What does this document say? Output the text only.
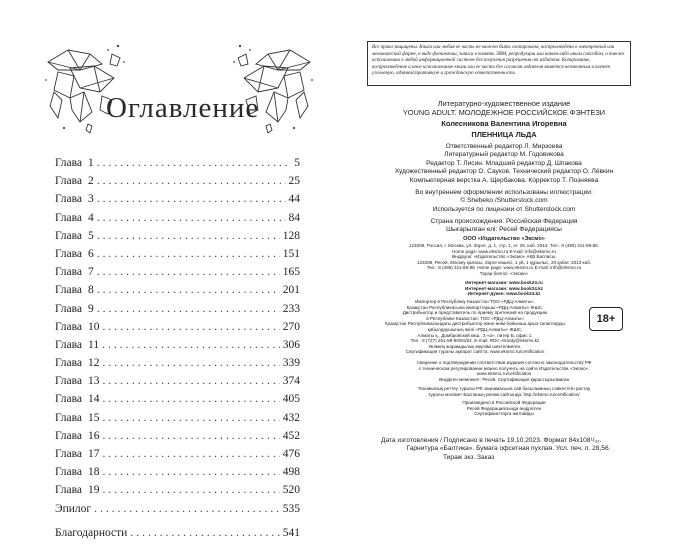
Оглавление
Глава 1 .....	5
Глава 2 .....	25
Глава 3 .....	44
Глава 4 .....	84
Глава 5 .....	128
Глава 6 .....	151
Глава 7 .....	165
Глава 8 .....	201
Глава 9 .....	233
Глава 10 .....	270
Глава 11 .....	306
Глава 12 .....	339
Глава 13 .....	374
Глава 14 .....	405
Глава 15 .....	432
Глава 16 .....	452
Глава 17 .....	476
Глава 18 .....	498
Глава 19 .....	520
Эпилог .....	535
Благодарности .....	541
Все права защищены. Книга или любая ее часть не может быть скопирована, воспроизведена в электронной или механической форме, в виде фотокопии, записи в память ЭВМ, репродукции или каким-либо иным способом, а также использована в любой информационной системе без получения разрешения от издателя. Копирование, воспроизведение и иное использование книги или ее части без согласия издателя является незаконным и влечет уголовную, административную и гражданскую ответственность.
Литературно-художественное издание
YOUNG ADULT. МОЛОДЕЖНОЕ РОССИЙСКОЕ ФЭНТЕЗИ
Колесникова Валентина Игоревна
ПЛЕННИЦА ЛЬДА
Ответственный редактор Л. Мирзоева
Литературный редактор М. Годовикова
Редактор Т. Лисин. Младший редактор Д. Шпакова
Художественный редактор О. Сауков. Технический редактор О. Лёвкин
Компьютерная верстка А. Щербакова. Корректор Т. Позняева
Во внутреннем оформлении использованы иллюстрации:
© Shebeko /Shutterstock.com
Используется по лицензии от Shutterstock.com
Страна происхождения: Российская Федерация
Шығарылған елі: Ресей Федерациясы
ООО «Издательство «Эксмо»
123308, Россия, г. Москва, ул. Зорге, д. 1, стр. 1, эт. 20, каб. 2013. Тел.: 8 (495) 411-68-86.
Home page: www.eksmo.ru E-mail: info@eksmo.ru
Өндіруші: «Издательство «Эксмо» АҚБ Баспасы,
123308, Ресей, Мәскеу қаласы, Зорге көшесі, 1 үй, 1 құрылыс, 20 қабат, 2013 каб.
Тел.: 8 (495) 411-68-86. Home page: www.eksmo.ru E-mail: info@eksmo.ru
Тауар белгісі: «Эксмо»
Интернет-магазин: www.book24.ru
Интернет-магазин: www.book24.kz
Интернет-дүкен: www.book24.kz
18+
Импортер в Республику Казахстан ТОО «РДЦ-Алматы».
Қазақстан Республикасына импорттаушы «РДЦ-Алматы» ЖШС.
Дистрибьютор и представитель по приему претензий на продукцию
в Республике Казахстан: ТОО «РДЦ-Алматы»
Қазақстан Республикасындағы дистрибьютор және өнім бойынша арыз-талаптарды
қабылдаушының өкілі «РДЦ-Алматы» ЖШС,
Алматы қ., Домбровский көш., 3 «а», литер Б, офис 1.
Тел.: 8 (727) 251-59-90/91/92. E-mail: RDC-Almaty@eksmo.kz
Өнімнің жарамдылық мерзімі шектелмеген.
Сертификация туралы ақпарат сайтта: www.eksmo.ru/certification
Сведения о подтверждении соответствия издания согласно законодательству РФ
о техническом регулировании можно получить на сайте Издательства «Эксмо»:
www.eksmo.ru/certification
Өндірген мемлекет: Ресей. Сертификация қарастырылмаған
Техникалық реттеу туралы РФ заңнамасына сай басылымның сәйкестігін растау
туралы мәлімет Баспаның ресми сайтында: http://eksmo.ru/certification/
Произведено в Российской Федерации
Ресей Федерациясында өндірілген
Сертификаттауға жатпайды
Дата изготовления / Подписано в печать 19.10.2023. Формат 84x108¹/₃₂.
Гарнитура «Балтика». Бумага офсетная пухлая. Усл. печ. л. 28,56.
Тираж экз. Заказ
